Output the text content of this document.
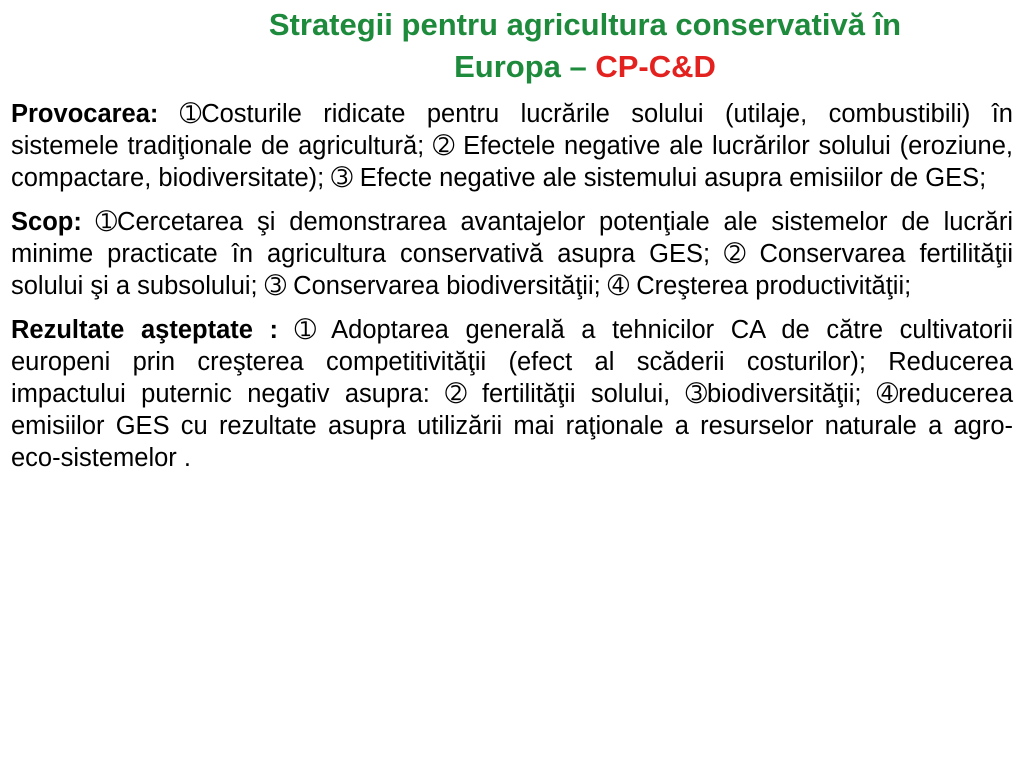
Strategii pentru agricultura conservativă în
Europa – CP-C&D

Provocarea: ➀Costurile ridicate pentru lucrările solului (utilaje, combustibili) în sistemele tradiţionale de agricultură; ➁ Efectele negative ale lucrărilor solului (eroziune, compactare, biodiversitate); ➂ Efecte negative ale sistemului asupra emisiilor de GES;

Scop: ➀Cercetarea şi demonstrarea avantajelor potenţiale ale sistemelor de lucrări minime practicate în agricultura conservativă asupra GES; ➁ Conservarea fertilităţii solului şi a subsolului; ➂ Conservarea biodiversităţii; ➃ Creşterea productivităţii;

Rezultate aşteptate : ➀ Adoptarea generală a tehnicilor CA de către cultivatorii europeni prin creşterea competitivităţii (efect al scăderii costurilor); Reducerea impactului puternic negativ asupra: ➁ fertilităţii solului, ➂biodiversităţii; ➃reducerea emisiilor GES cu rezultate asupra utilizării mai raţionale a resurselor naturale a agro-eco-sistemelor .
